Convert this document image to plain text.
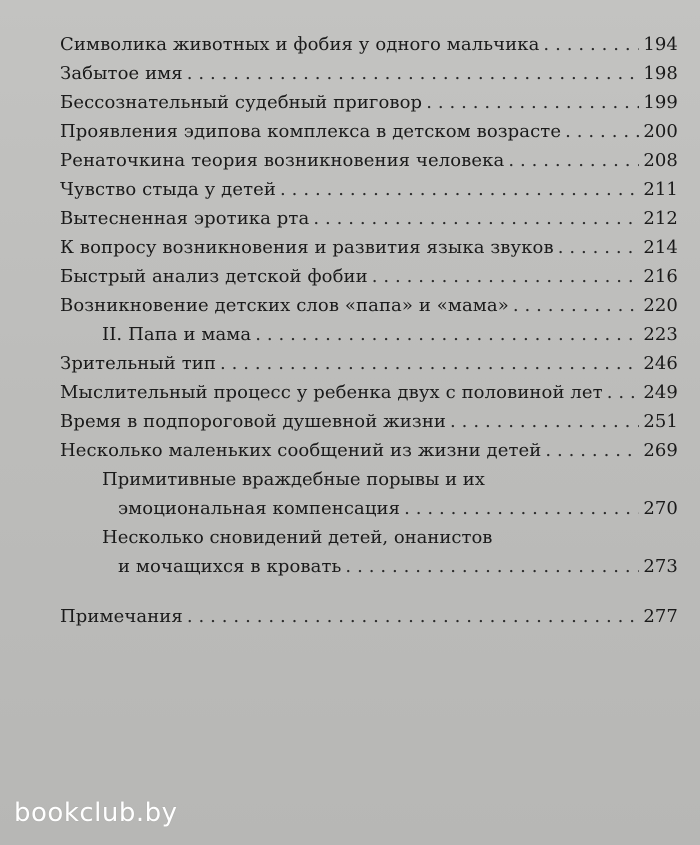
Символика животных и фобия у одного мальчика . . .	194
Забытое имя . . .	198
Бессознательный судебный приговор . . .	199
Проявления эдипова комплекса в детском возрасте . . .	200
Ренаточкина теория возникновения человека . . .	208
Чувство стыда у детей . . .	211
Вытесненная эротика рта . . .	212
К вопросу возникновения и развития языка звуков . . .	214
Быстрый анализ детской фобии . . .	216
Возникновение детских слов «папа» и «мама» . . .	220
II. Папа и мама . . .	223
Зрительный тип . . .	246
Мыслительный процесс у ребенка двух с половиной лет . . . 249
Время в подпороговой душевной жизни . . .	251
Несколько маленьких сообщений из жизни детей . . .	269
Примитивные враждебные порывы и их
эмоциональная компенсация . . .	270
Несколько сновидений детей, онанистов
и мочащихся в кровать . . .	273
Примечания . . .	277
bookclub.by
